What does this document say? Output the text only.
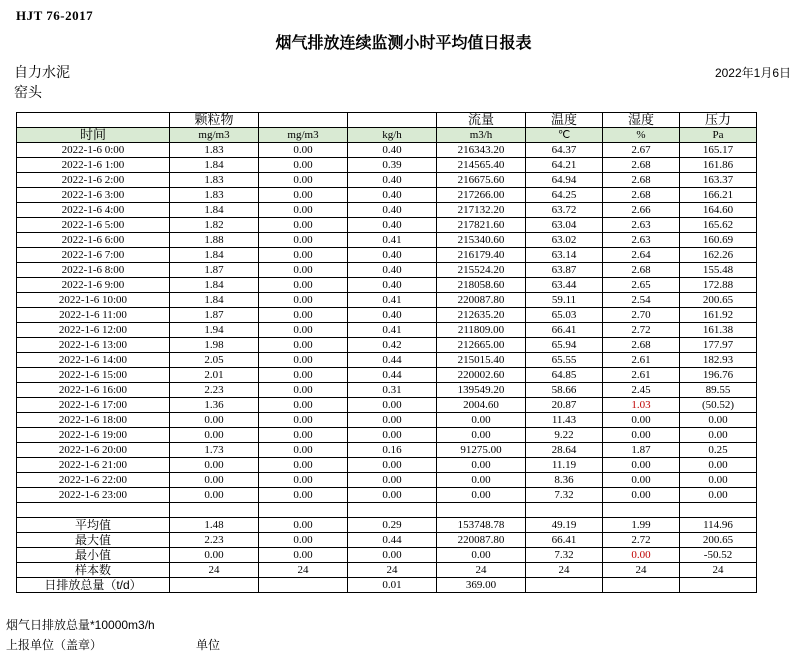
HJT 76-2017
烟气排放连续监测小时平均值日报表
自力水泥
窑头
2022年1月6日
	颗粒物			流量	温度	湿度	压力
时间	mg/m3	mg/m3	kg/h	m3/h	℃	%	Pa
2022-1-6 0:00	1.83	0.00	0.40	216343.20	64.37	2.67	165.17
2022-1-6 1:00	1.84	0.00	0.39	214565.40	64.21	2.68	161.86
2022-1-6 2:00	1.83	0.00	0.40	216675.60	64.94	2.68	163.37
2022-1-6 3:00	1.83	0.00	0.40	217266.00	64.25	2.68	166.21
2022-1-6 4:00	1.84	0.00	0.40	217132.20	63.72	2.66	164.60
2022-1-6 5:00	1.82	0.00	0.40	217821.60	63.04	2.63	165.62
2022-1-6 6:00	1.88	0.00	0.41	215340.60	63.02	2.63	160.69
2022-1-6 7:00	1.84	0.00	0.40	216179.40	63.14	2.64	162.26
2022-1-6 8:00	1.87	0.00	0.40	215524.20	63.87	2.68	155.48
2022-1-6 9:00	1.84	0.00	0.40	218058.60	63.44	2.65	172.88
2022-1-6 10:00	1.84	0.00	0.41	220087.80	59.11	2.54	200.65
2022-1-6 11:00	1.87	0.00	0.40	212635.20	65.03	2.70	161.92
2022-1-6 12:00	1.94	0.00	0.41	211809.00	66.41	2.72	161.38
2022-1-6 13:00	1.98	0.00	0.42	212665.00	65.94	2.68	177.97
2022-1-6 14:00	2.05	0.00	0.44	215015.40	65.55	2.61	182.93
2022-1-6 15:00	2.01	0.00	0.44	220002.60	64.85	2.61	196.76
2022-1-6 16:00	2.23	0.00	0.31	139549.20	58.66	2.45	89.55
2022-1-6 17:00	1.36	0.00	0.00	2004.60	20.87	1.03	(50.52)
2022-1-6 18:00	0.00	0.00	0.00	0.00	11.43	0.00	0.00
2022-1-6 19:00	0.00	0.00	0.00	0.00	9.22	0.00	0.00
2022-1-6 20:00	1.73	0.00	0.16	91275.00	28.64	1.87	0.25
2022-1-6 21:00	0.00	0.00	0.00	0.00	11.19	0.00	0.00
2022-1-6 22:00	0.00	0.00	0.00	0.00	8.36	0.00	0.00
2022-1-6 23:00	0.00	0.00	0.00	0.00	7.32	0.00	0.00

平均值	1.48	0.00	0.29	153748.78	49.19	1.99	114.96
最大值	2.23	0.00	0.44	220087.80	66.41	2.72	200.65
最小值	0.00	0.00	0.00	0.00	7.32	0.00	-50.52
样本数	24	24	24	24	24	24	24
日排放总量（t/d）			0.01	369.00			
烟气日排放总量*10000m3/h
上报单位（盖章）	单位
